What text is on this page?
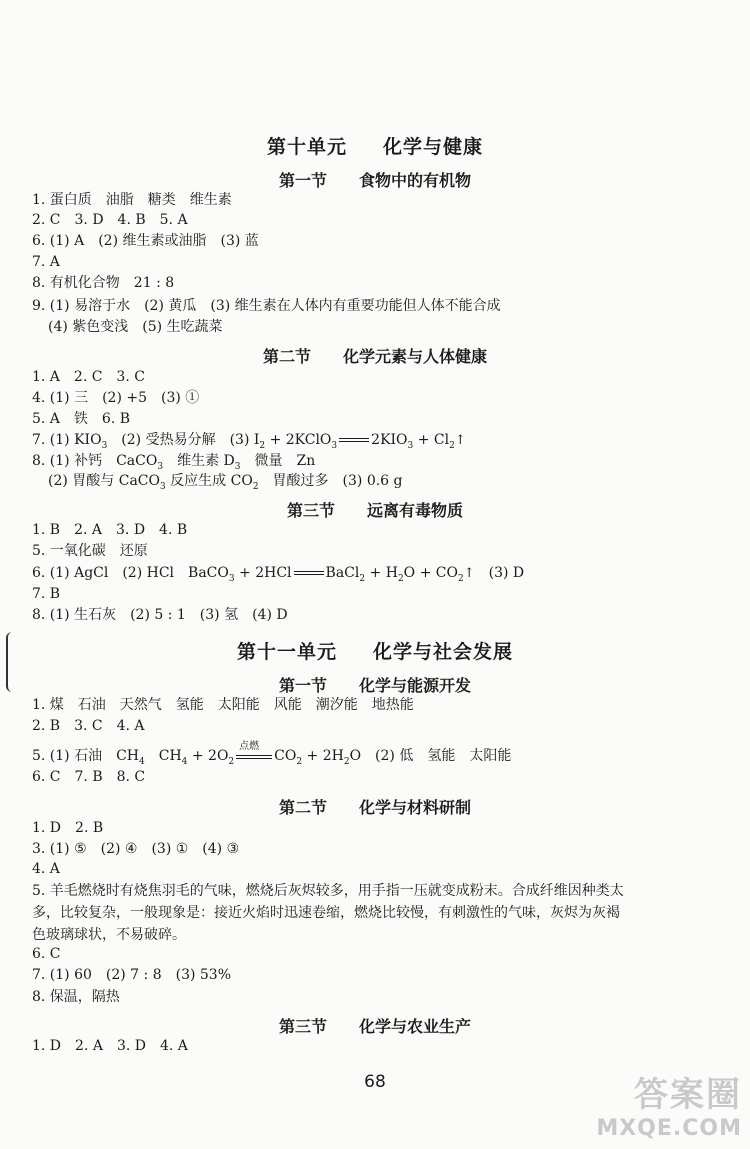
第十单元　 化学与健康
第一节　 食物中的有机物
1. 蛋白质　油脂　糖类　维生素
2. C　3. D　4. B　5. A
6. (1) A　(2) 维生素或油脂　(3) 蓝
7. A
8. 有机化合物　21 : 8
9. (1) 易溶于水　(2) 黄瓜　(3) 维生素在人体内有重要功能但人体不能合成
(4) 紫色变浅　(5) 生吃蔬菜
第二节　 化学元素与人体健康
1. A　2. C　3. C
4. (1) 三　(2) +5　(3) ①
5. A　铁　6. B
7. (1) $KIO_3$　(2) 受热易分解　(3) $I_2$ + 2KClO$_3$ $2KIO_3$ + $Cl_2↑$
8. (1) 补钙　CaCO$_3$　维生素 $D_3$　微量　Zn
(2) 胃酸与 CaCO$_3$ 反应生成 $CO_2$　胃酸过多　(3) 0.6 g
第三节　 远离有毒物质
1. B　2. A　3. D　4. B
5. 一氧化碳　还原
6. (1) AgCl　(2) HCl　BaCO$_3$ + 2HCl BaCl$_2$ + $H_2O$ + $CO_2↑$　(3) D
7. B
8. (1) 生石灰　(2) 5 : 1　(3) 氢　(4) D
第十一单元　 化学与社会发展
第一节　 化学与能源开发
1. 煤　石油　天然气　氢能　太阳能　风能　潮汐能　地热能
2. B　3. C　4. A
5. (1) 石油　$CH_4$　$CH_4 + 2O_2$
点燃
$CO_2 + 2H_2O$　(2) 低　氢能　太阳能
6. C　7. B　8. C
第二节　 化学与材料研制
1. D　2. B
3. (1) ⑤　(2) ④　(3) ①　(4) ③
4. A
5. 羊毛燃烧时有烧焦羽毛的气味，燃烧后灰烬较多，用手指一压就变成粉末。合成纤维因种类太多，比较复杂，一般现象是：接近火焰时迅速卷缩，燃烧比较慢，有刺激性的气味，灰烬为灰褐色玻璃球状，不易破碎。
6. C
7. (1) 60　(2) 7 : 8　(3) 53%
8. 保温，隔热
第三节　 化学与农业生产
1. D　2. A　3. D　4. A
68	答案圈
MXQE.COM
